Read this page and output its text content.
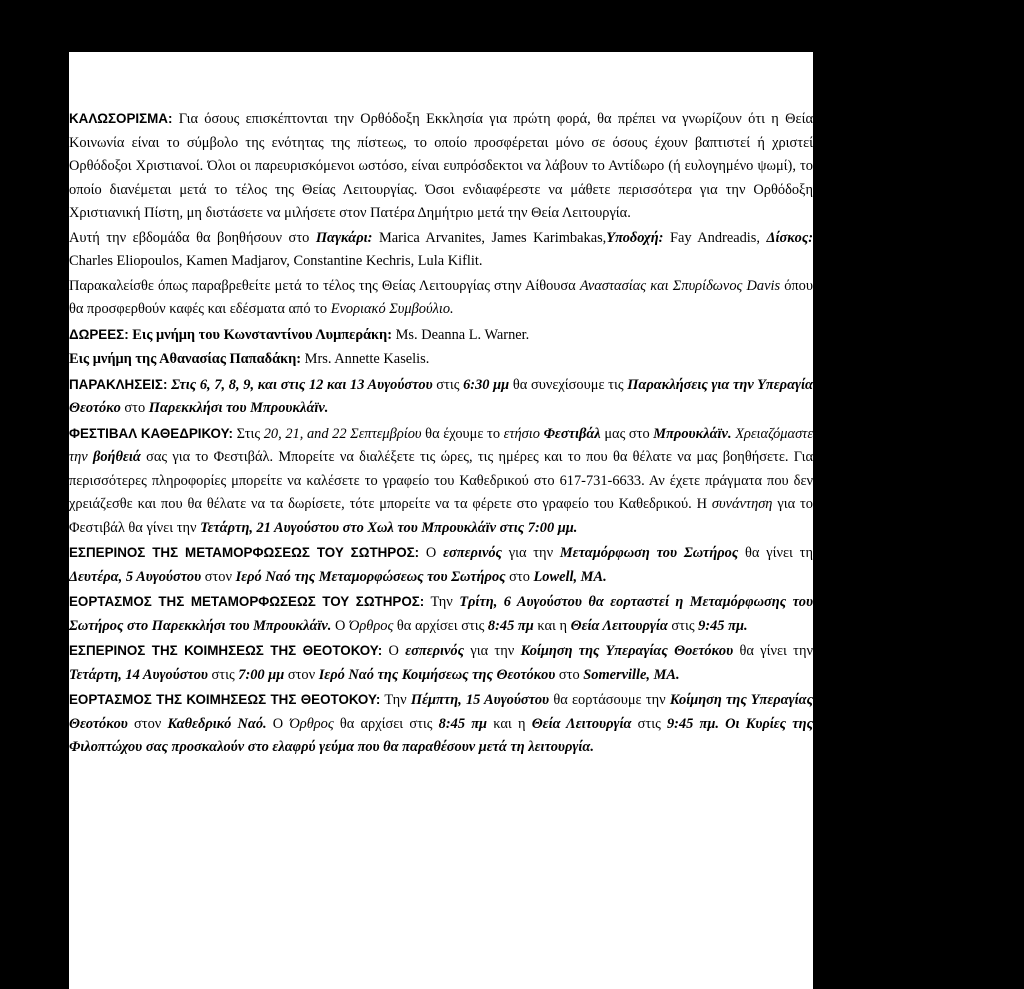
ΚΑΛΩΣΟΡΙΣΜΑ: Για όσους επισκέπτονται την Ορθόδοξη Εκκλησία για πρώτη φορά, θα πρέπει να γνωρίζουν ότι η Θεία Κοινωνία είναι το σύμβολο της ενότητας της πίστεως, το οποίο προσφέρεται μόνο σε όσους έχουν βαπτιστεί ή χριστεί Ορθόδοξοι Χριστιανοί. Όλοι οι παρευρισκόμενοι ωστόσο, είναι ευπρόσδεκτοι να λάβουν το Αντίδωρο (ή ευλογημένο ψωμί), το οποίο διανέμεται μετά το τέλος της Θείας Λειτουργίας. Όσοι ενδιαφέρεστε να μάθετε περισσότερα για την Ορθόδοξη Χριστιανική Πίστη, μη διστάσετε να μιλήσετε στον Πατέρα Δημήτριο μετά την Θεία Λειτουργία.

Αυτή την εβδομάδα θα βοηθήσουν στο Παγκάρι: Marica Arvanites, James Karimbakas,Υποδοχή: Fay Andreadis, Δίσκος: Charles Eliopoulos, Kamen Madjarov, Constantine Kechris, Lula Kiflit.

Παρακαλείσθε όπως παραβρεθείτε μετά το τέλος της Θείας Λειτουργίας στην Αίθουσα Αναστασίας και Σπυρίδωνος Davis όπου θα προσφερθούν καφές και εδέσματα από το Ενοριακό Συμβούλιο.

ΔΩΡΕΕΣ: Εις μνήμη του Κωνσταντίνου Λυμπεράκη: Ms. Deanna L. Warner.

Εις μνήμη της Αθανασίας Παπαδάκη: Mrs. Annette Kaselis.

ΠΑΡΑΚΛΗΣΕΙΣ: Στις 6, 7, 8, 9, και στις 12 και 13 Αυγούστου στις 6:30 μμ θα συνεχίσουμε τις Παρακλήσεις για την Υπεραγία Θεοτόκο στο Παρεκκλήσι του Μπρουκλάϊν.

ΦΕΣΤΙΒΑΛ ΚΑΘΕΔΡΙΚΟΥ: Στις 20, 21, and 22 Σεπτεμβρίου θα έχουμε το ετήσιο Φεστιβάλ μας στο Μπρουκλάϊν. Χρειαζόμαστε την βοήθειά σας για το Φεστιβάλ. Μπορείτε να διαλέξετε τις ώρες, τις ημέρες και το που θα θέλατε να μας βοηθήσετε. Για περισσότερες πληροφορίες μπορείτε να καλέσετε το γραφείο του Καθεδρικού στο 617-731-6633. Αν έχετε πράγματα που δεν χρειάζεσθε και που θα θέλατε να τα δωρίσετε, τότε μπορείτε να τα φέρετε στο γραφείο του Καθεδρικού. Η συνάντηση για το Φεστιβάλ θα γίνει την Τετάρτη, 21 Αυγούστου στο Χωλ του Μπρουκλάϊν στις 7:00 μμ.

ΕΣΠΕΡΙΝΟΣ ΤΗΣ ΜΕΤΑΜΟΡΦΩΣΕΩΣ ΤΟΥ ΣΩΤΗΡΟΣ: Ο εσπερινός για την Μεταμόρφωση του Σωτήρος θα γίνει τη Δευτέρα, 5 Αυγούστου στον Ιερό Ναό της Μεταμορφώσεως του Σωτήρος στο Lowell, MA.

ΕΟΡΤΑΣΜΟΣ ΤΗΣ ΜΕΤΑΜΟΡΦΩΣΕΩΣ ΤΟΥ ΣΩΤΗΡΟΣ: Την Τρίτη, 6 Αυγούστου θα εορταστεί η Μεταμόρφωσης του Σωτήρος στο Παρεκκλήσι του Μπρουκλάϊν. Ο Όρθρος θα αρχίσει στις 8:45 πμ και η Θεία Λειτουργία στις 9:45 πμ.

ΕΣΠΕΡΙΝΟΣ ΤΗΣ ΚΟΙΜΗΣΕΩΣ ΤΗΣ ΘΕΟΤΟΚΟΥ: Ο εσπερινός για την Κοίμηση της Υπεραγίας Θοετόκου θα γίνει την Τετάρτη, 14 Αυγούστου στις 7:00 μμ στον Ιερό Ναό της Κοιμήσεως της Θεοτόκου στο Somerville, MA.

ΕΟΡΤΑΣΜΟΣ ΤΗΣ ΚΟΙΜΗΣΕΩΣ ΤΗΣ ΘΕΟΤΟΚΟΥ: Την Πέμπτη, 15 Αυγούστου θα εορτάσουμε την Κοίμηση της Υπεραγίας Θεοτόκου στον Καθεδρικό Ναό. Ο Όρθρος θα αρχίσει στις 8:45 πμ και η Θεία Λειτουργία στις 9:45 πμ. Οι Κυρίες της Φιλοπτώχου σας προσκαλούν στο ελαφρύ γεύμα που θα παραθέσουν μετά τη λειτουργία.
